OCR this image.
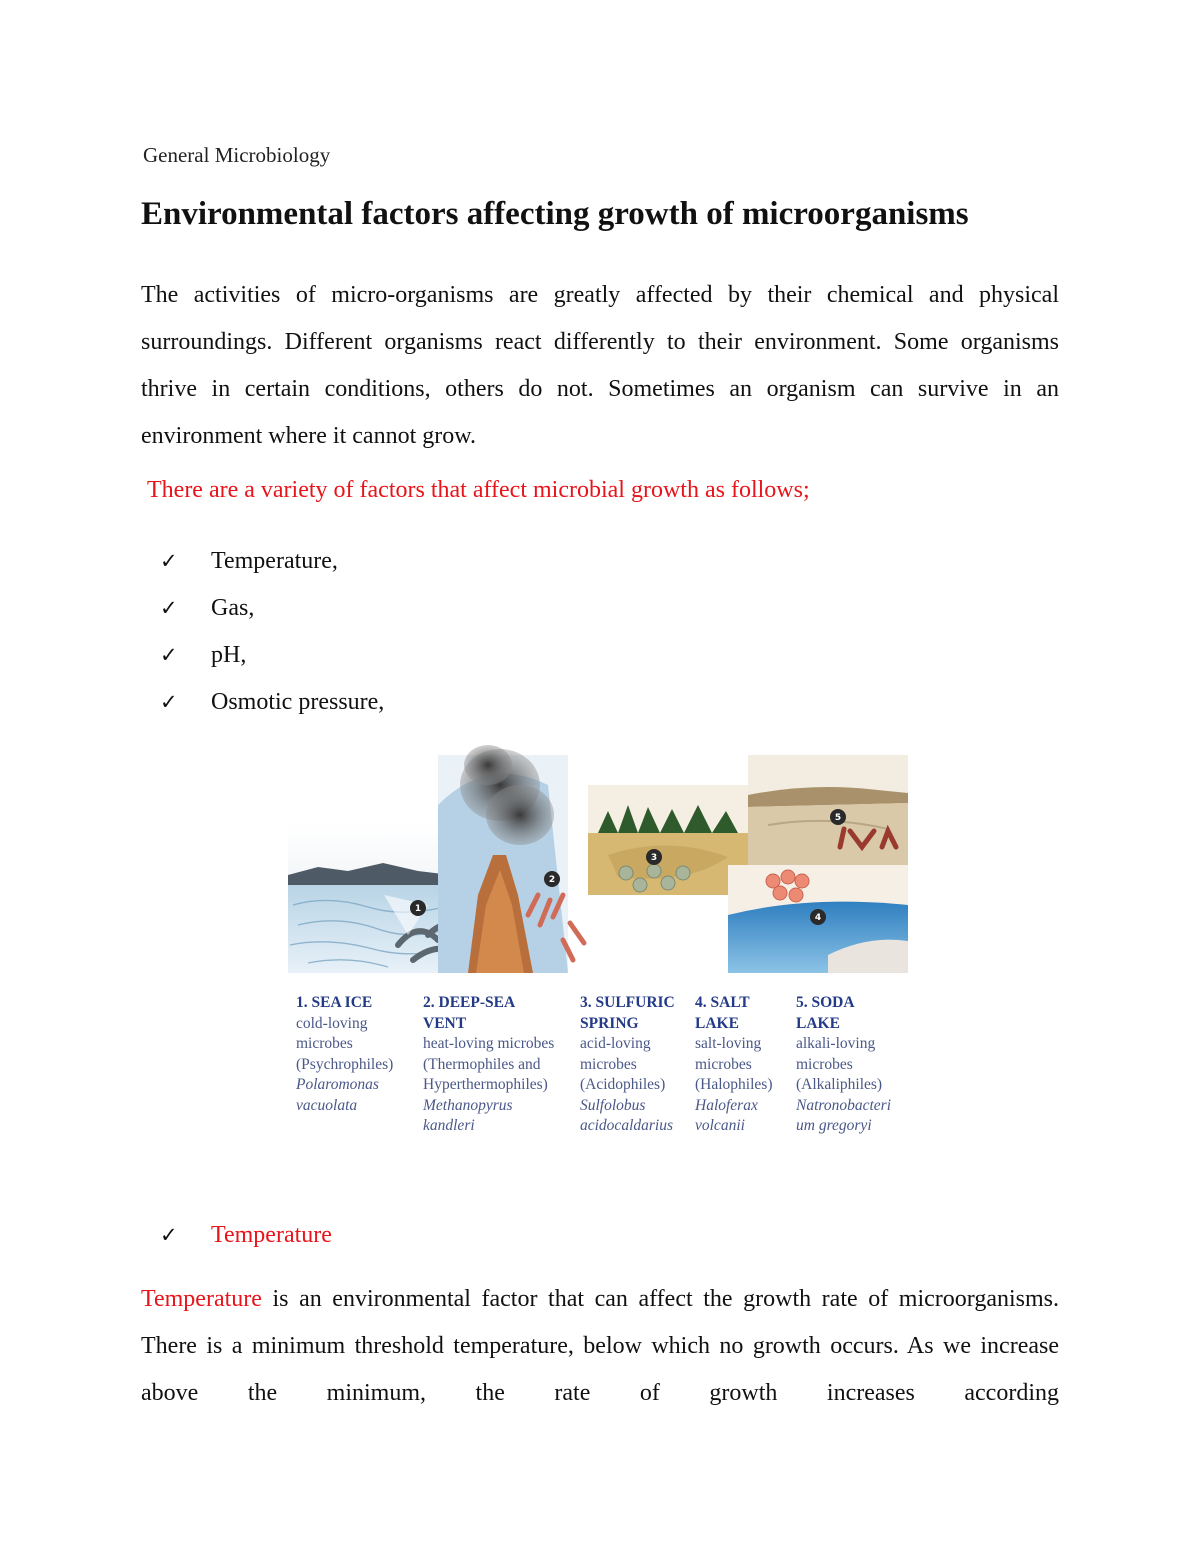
General Microbiology
Environmental factors affecting growth of microorganisms

The activities of micro-organisms are greatly affected by their chemical and physical surroundings. Different organisms react differently to their environment. Some organisms thrive in certain conditions, others do not. Sometimes an organism can survive in an environment where it cannot grow.

There are a variety of factors that affect microbial growth as follows;
✓ Temperature,
✓ Gas,
✓ pH,
✓ Osmotic pressure,
1
2
3
4
5
1. SEA ICE
cold-loving
microbes
(Psychrophiles)
Polaromonas
vacuolata
2. DEEP-SEA
VENT
heat-loving microbes
(Thermophiles and
Hyperthermophiles)
Methanopyrus
kandleri
3. SULFURIC
SPRING
acid-loving
microbes
(Acidophiles)
Sulfolobus
acidocaldarius
4. SALT
LAKE
salt-loving
microbes
(Halophiles)
Haloferax
volcanii
5. SODA
LAKE
alkali-loving
microbes
(Alkaliphiles)
Natronobacteri
um gregoryi
✓ Temperature

Temperature is an environmental factor that can affect the growth rate of microorganisms. There is a minimum threshold temperature, below which no growth occurs. As we increase above the minimum, the rate of growth increases according
